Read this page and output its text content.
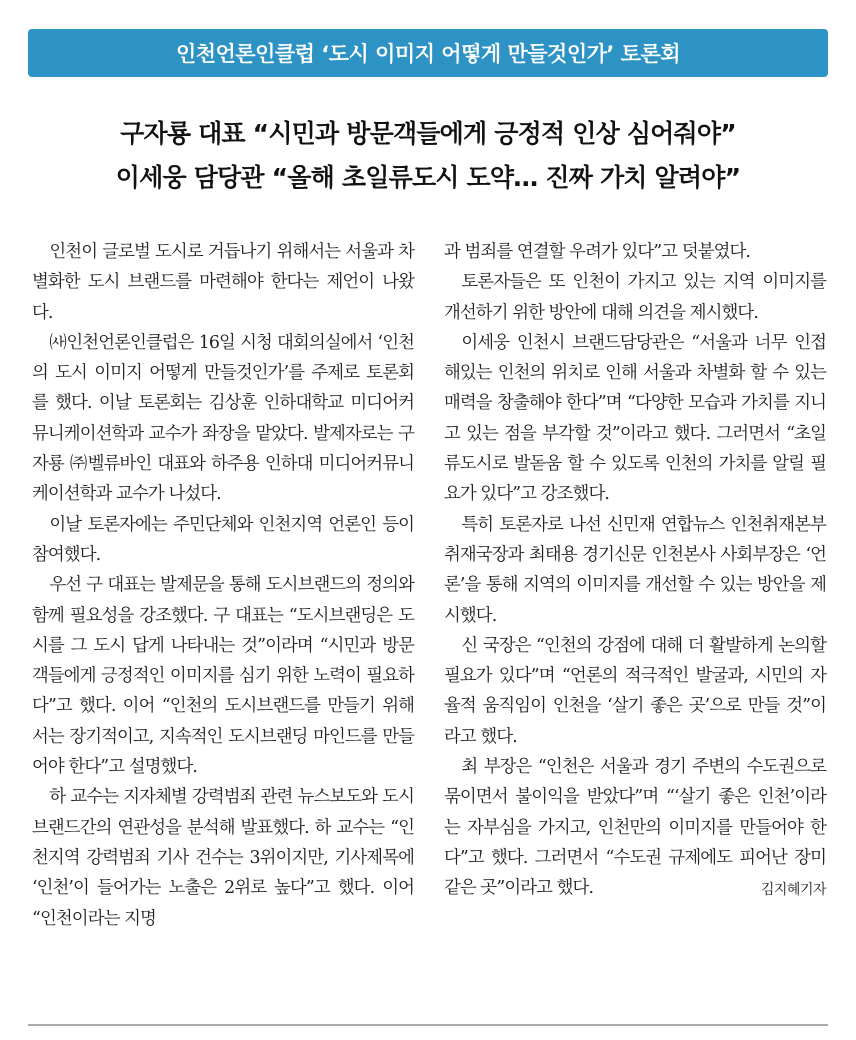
인천언론인클럽 ‘도시 이미지 어떻게 만들것인가’ 토론회
구자룡 대표 “시민과 방문객들에게 긍정적 인상 심어줘야”
이세웅 담당관 “올해 초일류도시 도약… 진짜 가치 알려야”

인천이 글로벌 도시로 거듭나기 위해서는 서울과 차별화한 도시 브랜드를 마련해야 한다는 제언이 나왔다.

㈔인천언론인클럽은 16일 시청 대회의실에서 ‘인천의 도시 이미지 어떻게 만들것인가’를 주제로 토론회를 했다. 이날 토론회는 김상훈 인하대학교 미디어커뮤니케이션학과 교수가 좌장을 맡았다. 발제자로는 구자룡 ㈜벨류바인 대표와 하주용 인하대 미디어커뮤니케이션학과 교수가 나섰다.

이날 토론자에는 주민단체와 인천지역 언론인 등이 참여했다.

우선 구 대표는 발제문을 통해 도시브랜드의 정의와 함께 필요성을 강조했다. 구 대표는 “도시브랜딩은 도시를 그 도시 답게 나타내는 것”이라며 “시민과 방문객들에게 긍정적인 이미지를 심기 위한 노력이 필요하다”고 했다. 이어 “인천의 도시브랜드를 만들기 위해서는 장기적이고, 지속적인 도시브랜딩 마인드를 만들어야 한다”고 설명했다.

하 교수는 지자체별 강력범죄 관련 뉴스보도와 도시브랜드간의 연관성을 분석해 발표했다. 하 교수는 “인천지역 강력범죄 기사 건수는 3위이지만, 기사제목에 ‘인천’이 들어가는 노출은 2위로 높다”고 했다. 이어 “인천이라는 지명

과 범죄를 연결할 우려가 있다”고 덧붙였다.

토론자들은 또 인천이 가지고 있는 지역 이미지를 개선하기 위한 방안에 대해 의견을 제시했다.

이세웅 인천시 브랜드담당관은 “서울과 너무 인접해있는 인천의 위치로 인해 서울과 차별화 할 수 있는 매력을 창출해야 한다”며 “다양한 모습과 가치를 지니고 있는 점을 부각할 것”이라고 했다. 그러면서 “초일류도시로 발돋움 할 수 있도록 인천의 가치를 알릴 필요가 있다”고 강조했다.

특히 토론자로 나선 신민재 연합뉴스 인천취재본부 취재국장과 최태용 경기신문 인천본사 사회부장은 ‘언론’을 통해 지역의 이미지를 개선할 수 있는 방안을 제시했다.

신 국장은 “인천의 강점에 대해 더 활발하게 논의할 필요가 있다”며 “언론의 적극적인 발굴과, 시민의 자율적 움직임이 인천을 ‘살기 좋은 곳’으로 만들 것”이라고 했다.

최 부장은 “인천은 서울과 경기 주변의 수도권으로 묶이면서 불이익을 받았다”며 “‘살기 좋은 인천’이라는 자부심을 가지고, 인천만의 이미지를 만들어야 한다”고 했다. 그러면서 “수도권 규제에도 피어난 장미 같은 곳”이라고 했다.	김지혜기자
